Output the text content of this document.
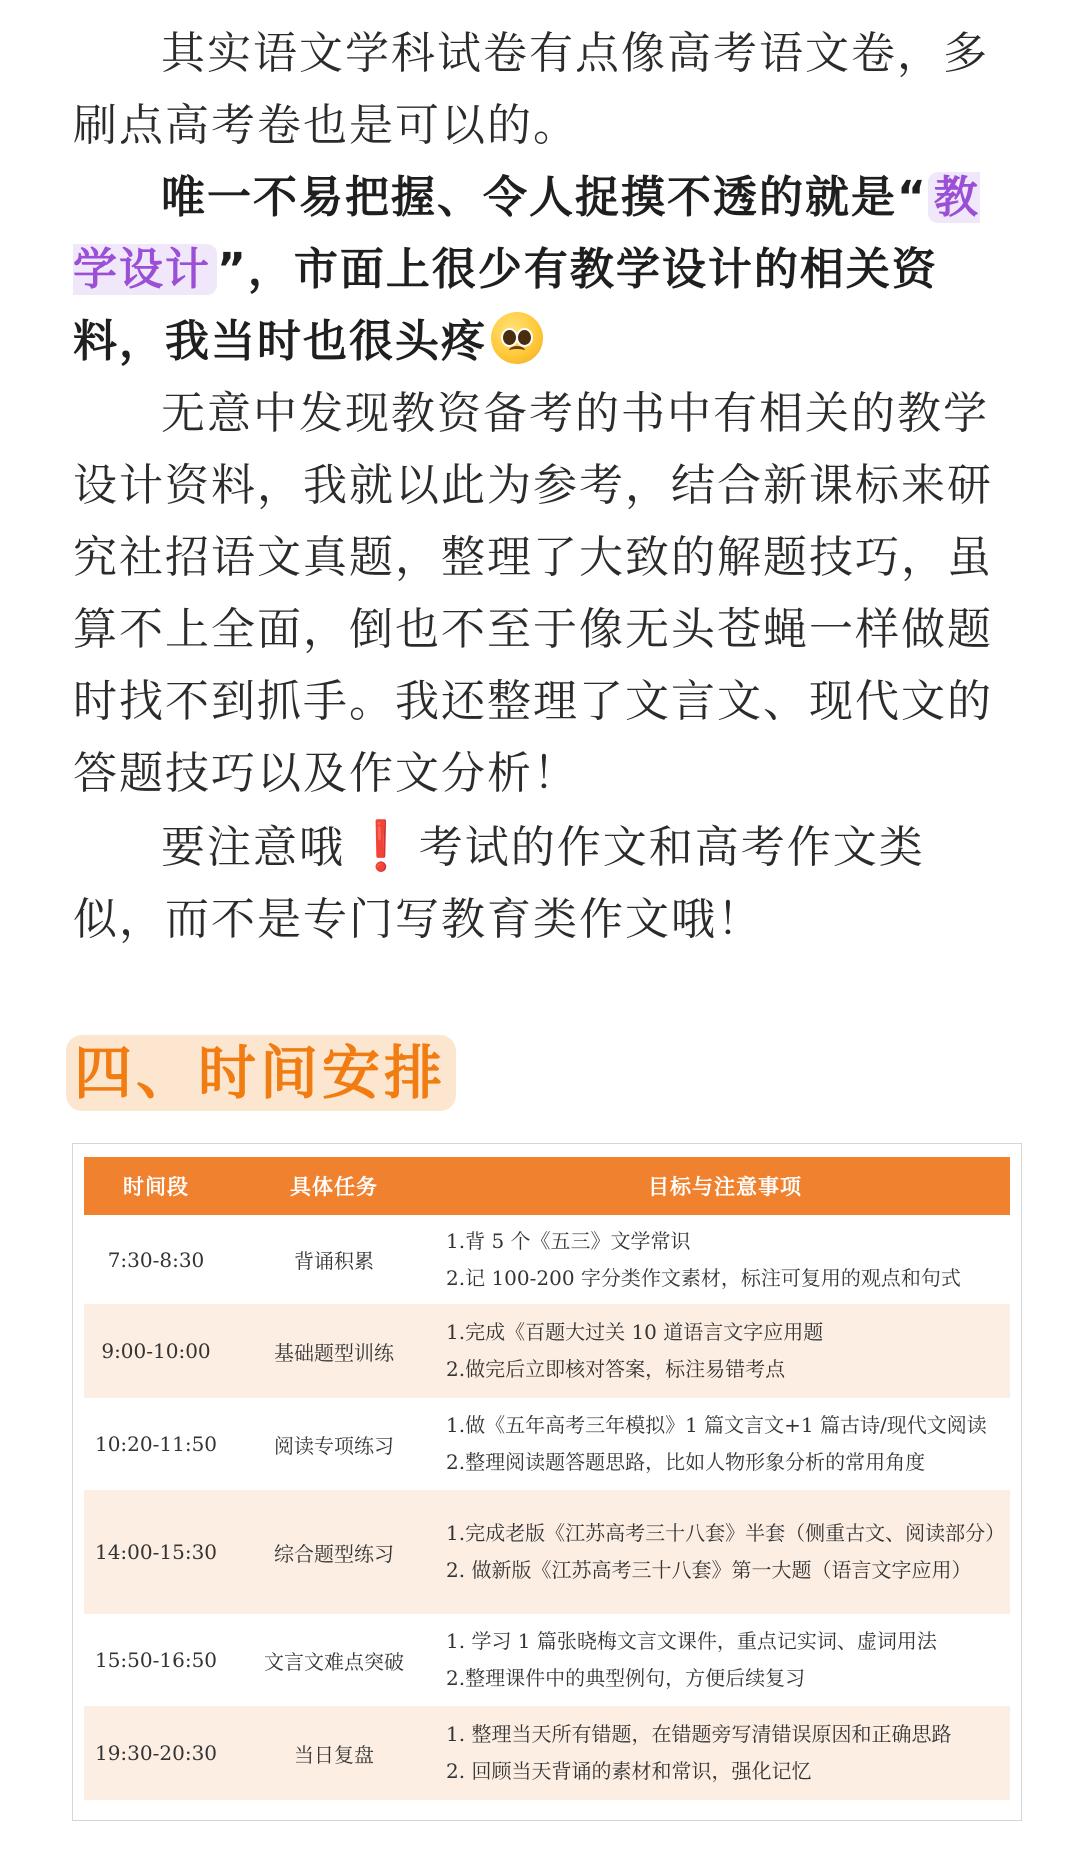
其实语文学科试卷有点像高考语文卷，多刷点高考卷也是可以的。

唯一不易把握、令人捉摸不透的就是“ 教学设计 ”，市面上很少有教学设计的相关资料，我当时也很头疼

无意中发现教资备考的书中有相关的教学设计资料，我就以此为参考，结合新课标来研究社招语文真题，整理了大致的解题技巧，虽算不上全面，倒也不至于像无头苍蝇一样做题时找不到抓手。我还整理了文言文、现代文的答题技巧以及作文分析！

要注意哦 ❗ 考试的作文和高考作文类似，而不是专门写教育类作文哦！

四、时间安排
时间段	具体任务	目标与注意事项
7:30-8:30	背诵积累	1.背 5 个《五三》文学常识
2.记 100-200 字分类作文素材，标注可复用的观点和句式

9:00-10:00	基础题型训练	1.完成《百题大过关 10 道语言文字应用题
2.做完后立即核对答案，标注易错考点

10:20-11:50	阅读专项练习	1.做《五年高考三年模拟》1 篇文言文+1 篇古诗/现代文阅读
2.整理阅读题答题思路，比如人物形象分析的常用角度

14:00-15:30	综合题型练习	1.完成老版《江苏高考三十八套》半套（侧重古文、阅读部分）
2. 做新版《江苏高考三十八套》第一大题（语言文字应用）

15:50-16:50	文言文难点突破	1. 学习 1 篇张晓梅文言文课件，重点记实词、虚词用法
2.整理课件中的典型例句，方便后续复习

19:30-20:30	当日复盘	1. 整理当天所有错题，在错题旁写清错误原因和正确思路
2. 回顾当天背诵的素材和常识，强化记忆
